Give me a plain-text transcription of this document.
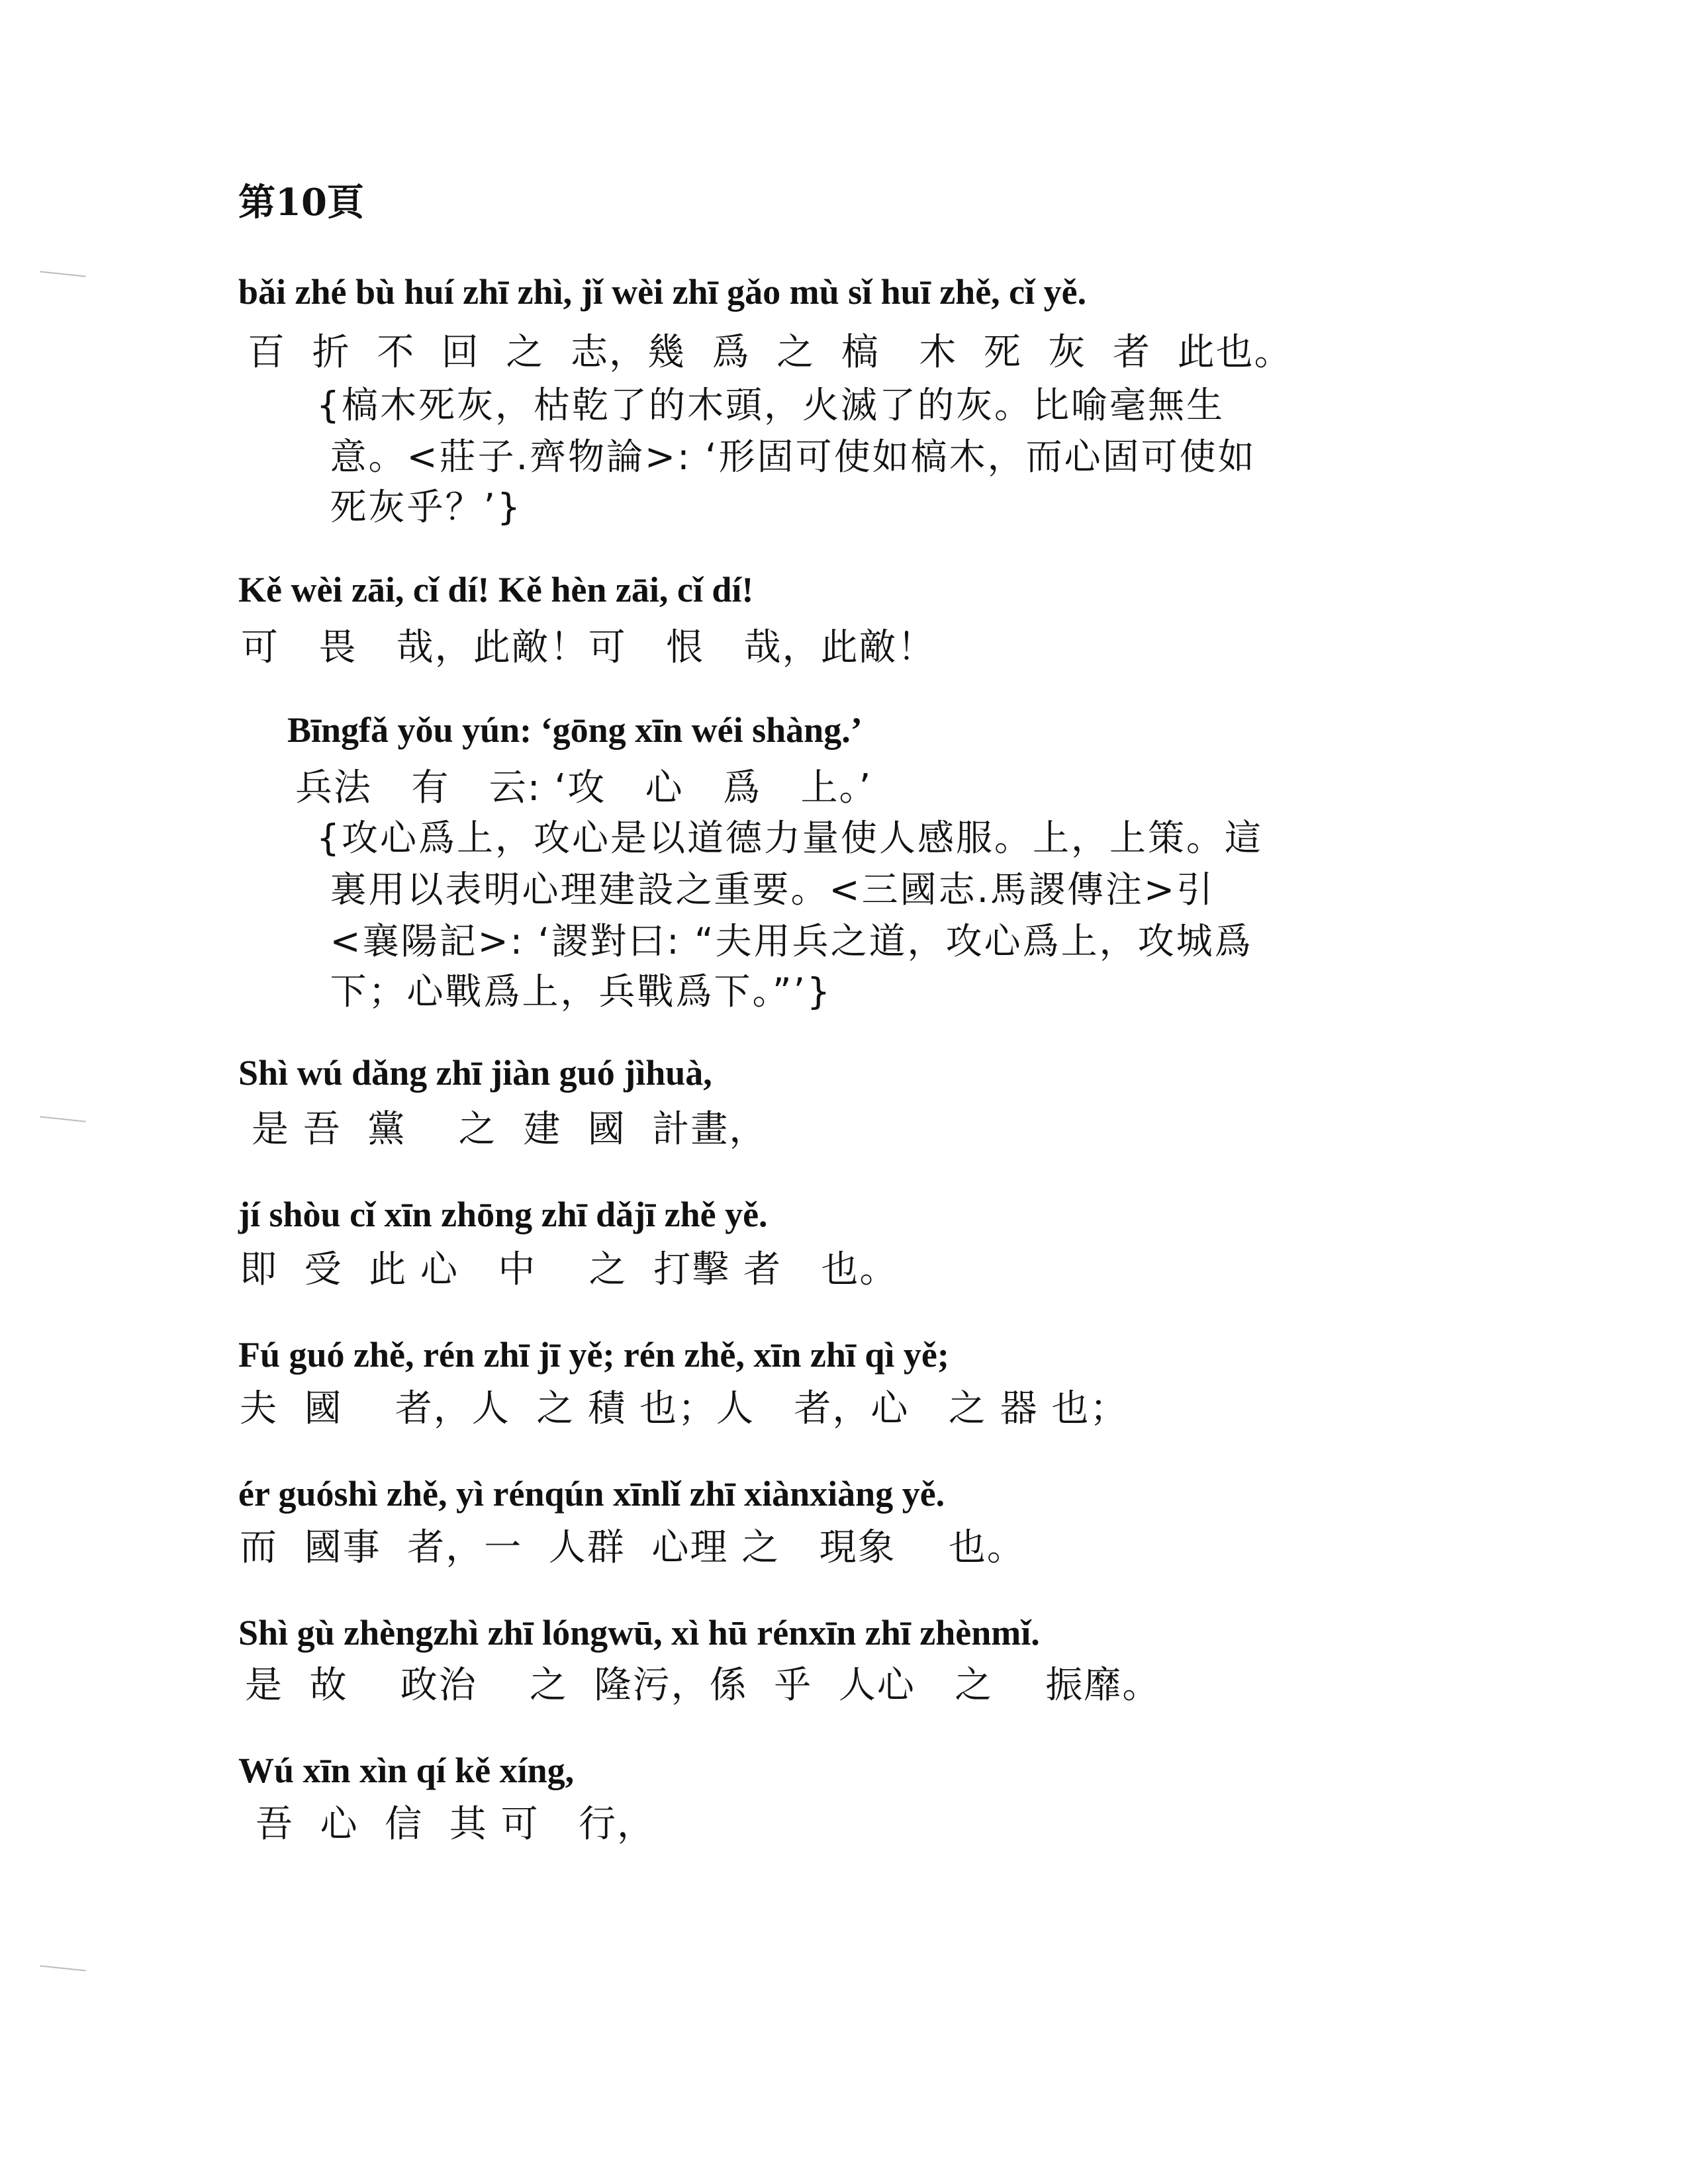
第10頁
bǎi zhé bù huí zhī zhì, jǐ wèi zhī gǎo mù sǐ huī zhě, cǐ yě.
百  折  不  回  之  志，幾  爲  之  槁   木  死  灰  者  此也。
{槁木死灰，枯乾了的木頭，火滅了的灰。比喻毫無生
意。<莊子.齊物論>: ‘形固可使如槁木，而心固可使如
死灰乎？’}
Kě wèi zāi, cǐ dí! Kě hèn zāi, cǐ dí!
可   畏   哉，此敵！可   恨   哉，此敵！
Bīngfǎ yǒu yún: ‘gōng xīn wéi shàng.’
兵法   有   云: ‘攻   心   爲   上。’
{攻心爲上，攻心是以道德力量使人感服。上，上策。這
裏用以表明心理建設之重要。<三國志.馬謖傳注>引
<襄陽記>: ‘謖對曰: “夫用兵之道，攻心爲上，攻城爲
下；心戰爲上，兵戰爲下。”’}
Shì wú dǎng zhī jiàn guó jìhuà,
是 吾  黨    之  建  國  計畫，
jí shòu cǐ xīn zhōng zhī dǎjī zhě yě.
即  受  此 心   中    之  打擊 者   也。
Fú guó zhě, rén zhī jī yě; rén zhě, xīn zhī qì yě;
夫  國    者，人  之 積 也；人   者，心   之 器 也；
ér guóshì zhě, yì rénqún xīnlǐ zhī xiànxiàng yě.
而  國事  者，一  人群  心理 之   現象    也。
Shì gù zhèngzhì zhī lóngwū, xì hū rénxīn zhī zhènmǐ.
是  故    政治    之  隆污，係  乎  人心   之    振靡。
Wú xīn xìn qí kě xíng,
吾  心  信  其 可   行，
